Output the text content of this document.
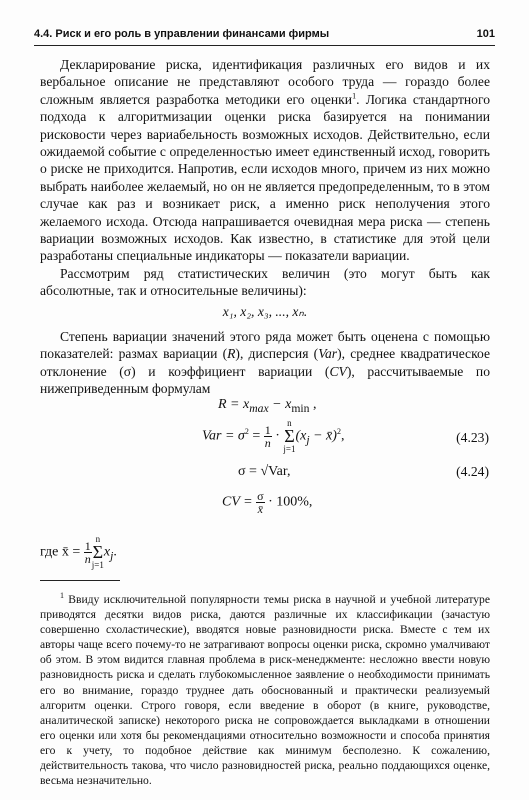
4.4. Риск и его роль в управлении финансами фирмы	101

Декларирование риска, идентификация различных его видов и их вербальное описание не представляют особого труда — гораздо более сложным является разработка методики его оценки$^1$. Логика стандартного подхода к алгоритмизации оценки риска базируется на понимании рисковости через вариабельность возможных исходов. Действительно, если ожидаемой событие с определенностью имеет единственный исход, говорить о риске не приходится. Напротив, если исходов много, причем из них можно выбрать наиболее желаемый, но он не является предопределенным, то в этом случае как раз и возникает риск, а именно риск неполучения этого желаемого исхода. Отсюда напрашивается очевидная мера риска — степень вариации возможных исходов. Как известно, в статистике для этой цели разработаны специальные индикаторы — показатели вариации.

Рассмотрим ряд статистических величин (это могут быть как абсолютные, так и относительные величины):

x₁, x₂, x₃, ..., xₙ.

Степень вариации значений этого ряда может быть оценена с помощью показателей: размах вариации (R), дисперсия (Var), среднее квадратическое отклонение (σ) и коэффициент вариации (CV), рассчитываемые по нижеприведенным формулам

$R = x_{max} - x_{min}$ ,
Var = $\sigma^2 = \frac{1}{n} \cdot n$
Σ
$j=1(x_j$ − x̄)$^2$,	(4.23)
σ = √Var,	(4.24)
CV = $\frac{\sigma}{x̄} \cdot 100\%$,
где x̄ = $\frac{1}{n}$
n
Σ
$j=1x_j$.

$^1$ Ввиду исключительной популярности темы риска в научной и учебной литературе приводятся десятки видов риска, даются различные их классификации (зачастую совершенно схоластические), вводятся новые разновидности риска. Вместе с тем их авторы чаще всего почему-то не затрагивают вопросы оценки риска, скромно умалчивают об этом. В этом видится главная проблема в риск-менеджменте: несложно ввести новую разновидность риска и сделать глубокомысленное заявление о необходимости принимать его во внимание, гораздо труднее дать обоснованный и практически реализуемый алгоритм оценки. Строго говоря, если введение в оборот (в книге, руководстве, аналитической записке) некоторого риска не сопровождается выкладками в отношении его оценки или хотя бы рекомендациями относительно возможности и способа принятия его к учету, то подобное действие как минимум бесполезно. К сожалению, действительность такова, что число разновидностей риска, реально поддающихся оценке, весьма незначительно.
